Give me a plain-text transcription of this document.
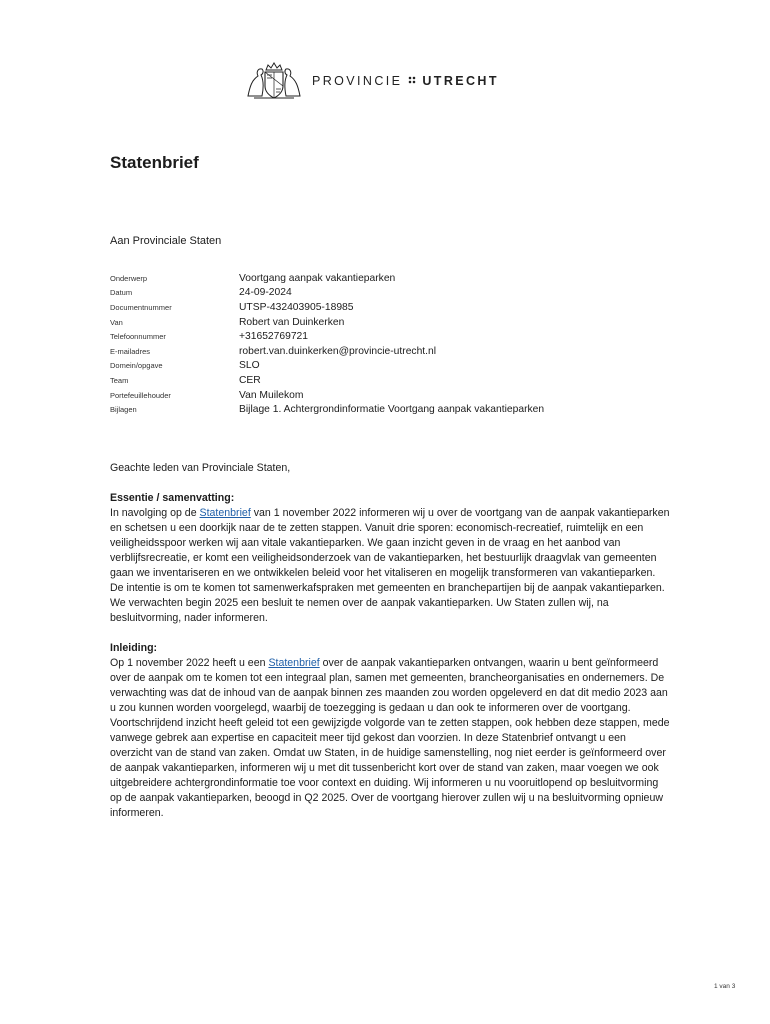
PROVINCIE UTRECHT
Statenbrief
Aan Provinciale Staten
Onderwerp	Voortgang aanpak vakantieparken
Datum	24-09-2024
Documentnummer	UTSP-432403905-18985
Van	Robert van Duinkerken
Telefoonnummer	+31652769721
E-mailadres	robert.van.duinkerken@provincie-utrecht.nl
Domein/opgave	SLO
Team	CER
Portefeuillehouder	Van Muilekom
Bijlagen	Bijlage 1. Achtergrondinformatie Voortgang aanpak vakantieparken

Geachte leden van Provinciale Staten,

Essentie / samenvatting:

In navolging op de Statenbrief van 1 november 2022 informeren wij u over de voortgang van de aanpak vakantieparken en schetsen u een doorkijk naar de te zetten stappen. Vanuit drie sporen: economisch-recreatief, ruimtelijk en een veiligheidsspoor werken wij aan vitale vakantieparken. We gaan inzicht geven in de vraag en het aanbod van verblijfsrecreatie, er komt een veiligheidsonderzoek van de vakantieparken, het bestuurlijk draagvlak van gemeenten gaan we inventariseren en we ontwikkelen beleid voor het vitaliseren en mogelijk transformeren van vakantieparken. De intentie is om te komen tot samenwerkafspraken met gemeenten en branchepartijen bij de aanpak vakantieparken. We verwachten begin 2025 een besluit te nemen over de aanpak vakantieparken. Uw Staten zullen wij, na besluitvorming, nader informeren.

Inleiding:

Op 1 november 2022 heeft u een Statenbrief over de aanpak vakantieparken ontvangen, waarin u bent geïnformeerd over de aanpak om te komen tot een integraal plan, samen met gemeenten, brancheorganisaties en ondernemers. De verwachting was dat de inhoud van de aanpak binnen zes maanden zou worden opgeleverd en dat dit medio 2023 aan u zou kunnen worden voorgelegd, waarbij de toezegging is gedaan u dan ook te informeren over de voortgang. Voortschrijdend inzicht heeft geleid tot een gewijzigde volgorde van te zetten stappen, ook hebben deze stappen, mede vanwege gebrek aan expertise en capaciteit meer tijd gekost dan voorzien. In deze Statenbrief ontvangt u een overzicht van de stand van zaken. Omdat uw Staten, in de huidige samenstelling, nog niet eerder is geïnformeerd over de aanpak vakantieparken, informeren wij u met dit tussenbericht kort over de stand van zaken, maar voegen we ook uitgebreidere achtergrondinformatie toe voor context en duiding. Wij informeren u nu vooruitlopend op besluitvorming op de aanpak vakantieparken, beoogd in Q2 2025. Over de voortgang hierover zullen wij u na besluitvorming opnieuw informeren.

1 van 3
